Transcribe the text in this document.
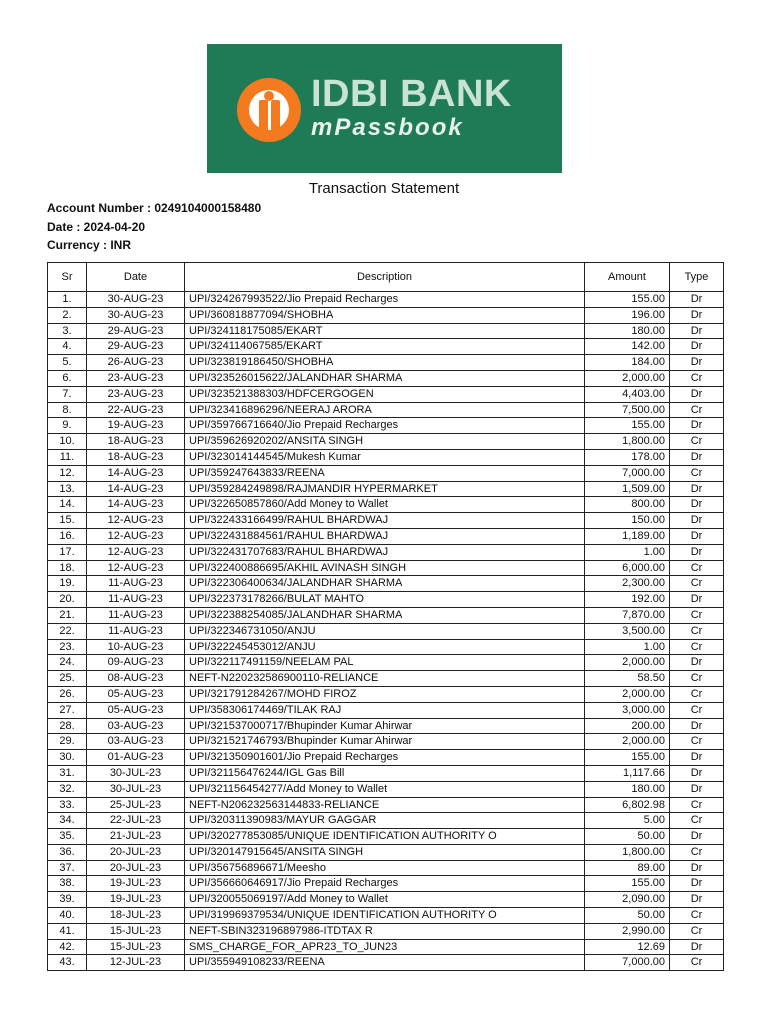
IDBI BANK
mPassbook
Transaction Statement
Account Number : 0249104000158480
Date : 2024-04-20
Currency : INR
Sr	Date	Description	Amount	Type
1.	30-AUG-23	UPI/324267993522/Jio Prepaid Recharges	155.00	Dr
2.	30-AUG-23	UPI/360818877094/SHOBHA	196.00	Dr
3.	29-AUG-23	UPI/324118175085/EKART	180.00	Dr
4.	29-AUG-23	UPI/324114067585/EKART	142.00	Dr
5.	26-AUG-23	UPI/323819186450/SHOBHA	184.00	Dr
6.	23-AUG-23	UPI/323526015622/JALANDHAR SHARMA	2,000.00	Cr
7.	23-AUG-23	UPI/323521388303/HDFCERGOGEN	4,403.00	Dr
8.	22-AUG-23	UPI/323416896296/NEERAJ ARORA	7,500.00	Cr
9.	19-AUG-23	UPI/359766716640/Jio Prepaid Recharges	155.00	Dr
10.	18-AUG-23	UPI/359626920202/ANSITA SINGH	1,800.00	Cr
11.	18-AUG-23	UPI/323014144545/Mukesh Kumar	178.00	Dr
12.	14-AUG-23	UPI/359247643833/REENA	7,000.00	Cr
13.	14-AUG-23	UPI/359284249898/RAJMANDIR HYPERMARKET	1,509.00	Dr
14.	14-AUG-23	UPI/322650857860/Add Money to Wallet	800.00	Dr
15.	12-AUG-23	UPI/322433166499/RAHUL BHARDWAJ	150.00	Dr
16.	12-AUG-23	UPI/322431884561/RAHUL BHARDWAJ	1,189.00	Dr
17.	12-AUG-23	UPI/322431707683/RAHUL BHARDWAJ	1.00	Dr
18.	12-AUG-23	UPI/322400886695/AKHIL AVINASH SINGH	6,000.00	Cr
19.	11-AUG-23	UPI/322306400634/JALANDHAR SHARMA	2,300.00	Cr
20.	11-AUG-23	UPI/322373178266/BULAT MAHTO	192.00	Dr
21.	11-AUG-23	UPI/322388254085/JALANDHAR SHARMA	7,870.00	Cr
22.	11-AUG-23	UPI/322346731050/ANJU	3,500.00	Cr
23.	10-AUG-23	UPI/322245453012/ANJU	1.00	Cr
24.	09-AUG-23	UPI/322117491159/NEELAM PAL	2,000.00	Dr
25.	08-AUG-23	NEFT-N220232586900110-RELIANCE	58.50	Cr
26.	05-AUG-23	UPI/321791284267/MOHD FIROZ	2,000.00	Cr
27.	05-AUG-23	UPI/358306174469/TILAK RAJ	3,000.00	Cr
28.	03-AUG-23	UPI/321537000717/Bhupinder Kumar Ahirwar	200.00	Dr
29.	03-AUG-23	UPI/321521746793/Bhupinder Kumar Ahirwar	2,000.00	Cr
30.	01-AUG-23	UPI/321350901601/Jio Prepaid Recharges	155.00	Dr
31.	30-JUL-23	UPI/321156476244/IGL Gas Bill	1,117.66	Dr
32.	30-JUL-23	UPI/321156454277/Add Money to Wallet	180.00	Dr
33.	25-JUL-23	NEFT-N206232563144833-RELIANCE	6,802.98	Cr
34.	22-JUL-23	UPI/320311390983/MAYUR GAGGAR	5.00	Cr
35.	21-JUL-23	UPI/320277853085/UNIQUE IDENTIFICATION AUTHORITY O	50.00	Dr
36.	20-JUL-23	UPI/320147915645/ANSITA SINGH	1,800.00	Cr
37.	20-JUL-23	UPI/356756896671/Meesho	89.00	Dr
38.	19-JUL-23	UPI/356660646917/Jio Prepaid Recharges	155.00	Dr
39.	19-JUL-23	UPI/320055069197/Add Money to Wallet	2,090.00	Dr
40.	18-JUL-23	UPI/319969379534/UNIQUE IDENTIFICATION AUTHORITY O	50.00	Cr
41.	15-JUL-23	NEFT-SBIN323196897986-ITDTAX R	2,990.00	Cr
42.	15-JUL-23	SMS_CHARGE_FOR_APR23_TO_JUN23	12.69	Dr
43.	12-JUL-23	UPI/355949108233/REENA	7,000.00	Cr
